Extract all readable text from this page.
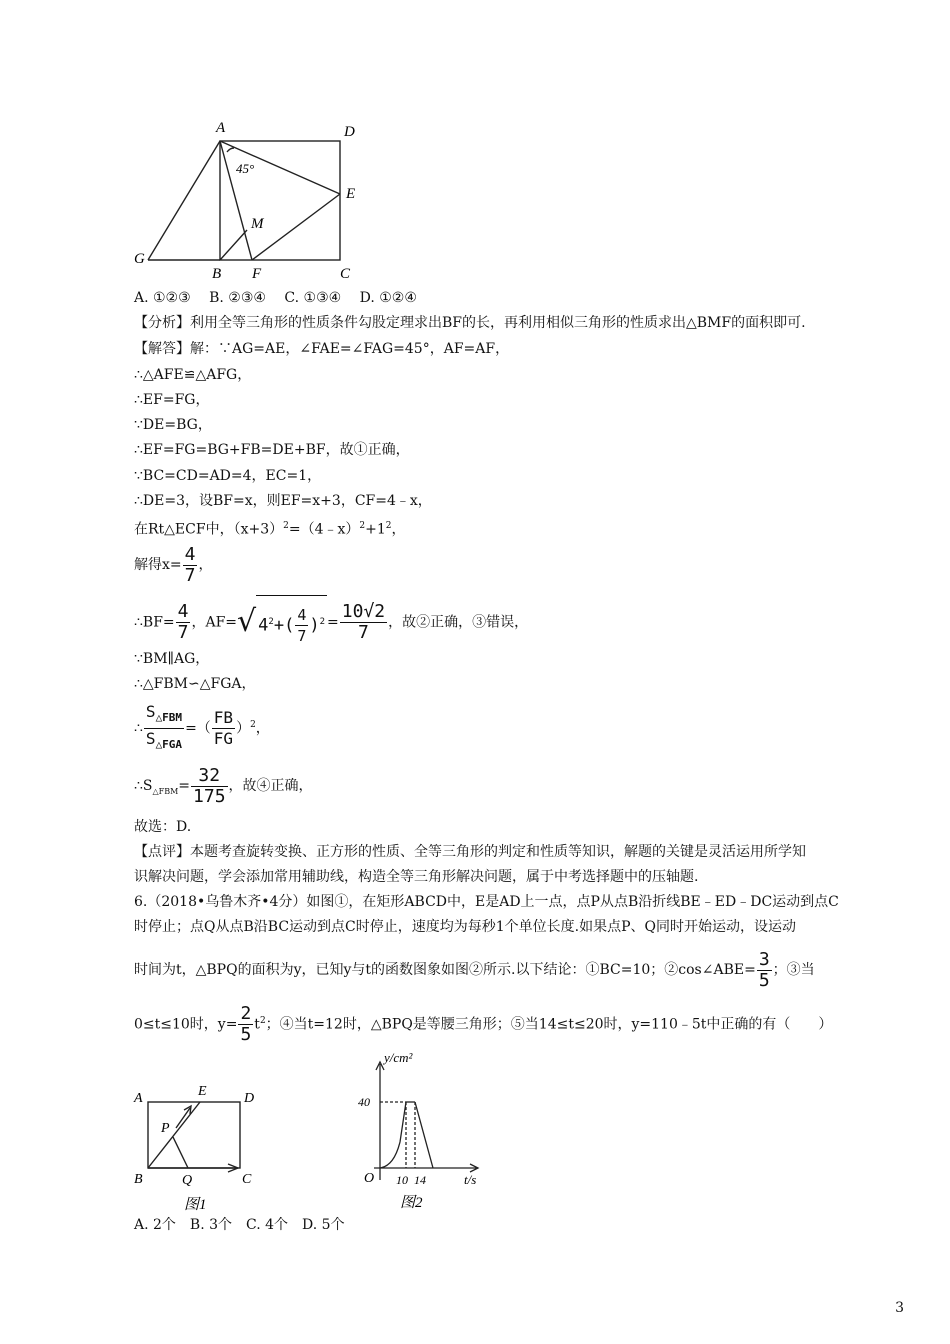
A	D
45°
E
M
G
B F	C
A. ①②③　 B. ②③④　 C. ①③④　 D. ①②④
【分析】利用全等三角形的性质条件勾股定理求出BF的长，再利用相似三角形的性质求出△BMF的面积即可.
【解答】解：∵AG=AE，∠FAE=∠FAG=45°，AF=AF，
∴△AFE≌△AFG，
∴EF=FG，
∵DE=BG，
∴EF=FG=BG+FB=DE+BF，故①正确，
∵BC=CD=AD=4，EC=1，
∴DE=3，设BF=x，则EF=x+3，CF=4﹣x，
在Rt△ECF中，$(x+3)^2=(4﹣x)^2+1^2$，
解得$x= \frac{4}{7}$ ，
∴BF= $\frac{4}{7}$ ，AF=√ $4^2+( \frac{4}{7} )^2 = \frac{10√2}{7}$ ，故②正确，③错误，
∵BM∥AG，
∴△FBM∽△FGA，
∴ $\frac{S_{\triangle FBM}}{S_{\triangle FGA}}$ =（ $\frac{FB}{FG} )^2$，
$\therefore S_{\triangle FBM}= \frac{32}{175}$ ，故④正确，
故选：D.
【点评】本题考查旋转变换、正方形的性质、全等三角形的判定和性质等知识，解题的关键是灵活运用所学知
识解决问题，学会添加常用辅助线，构造全等三角形解决问题，属于中考选择题中的压轴题.
6.（2018•乌鲁木齐•4分）如图①，在矩形ABCD中，E是AD上一点，点P从点B沿折线BE﹣ED﹣DC运动到点C
时停止；点Q从点B沿BC运动到点C时停止，速度均为每秒1个单位长度.如果点P、Q同时开始运动，设运动
时间为t，△BPQ的面积为y，已知y与t的函数图象如图②所示.以下结论：①BC=10；②cos∠ABE= $\frac{3}{5}$ ；③当
0≤t≤10时，$y= \frac{2}{5} t^2$；④当t=12时，△BPQ是等腰三角形；⑤当14≤t≤20时，y=110﹣5t中正确的有（　　）
A	E	D
P
B	Q	C
图1
y/cm²
40
O 10 14	t/s
图2
A. 2个　B. 3个　C. 4个　D. 5个
3
